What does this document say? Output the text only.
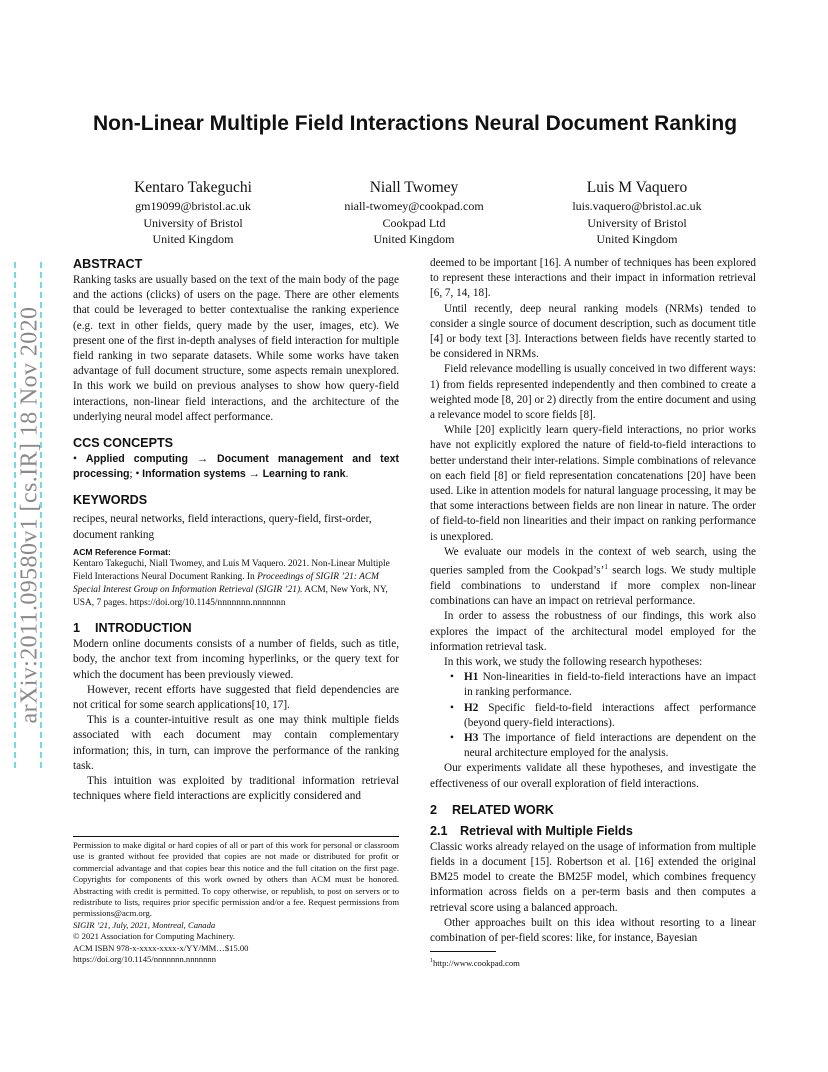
Non-Linear Multiple Field Interactions Neural Document Ranking
Kentaro Takeguchi
gm19099@bristol.ac.uk
University of Bristol
United Kingdom
Niall Twomey
niall-twomey@cookpad.com
Cookpad Ltd
United Kingdom
Luis M Vaquero
luis.vaquero@bristol.ac.uk
University of Bristol
United Kingdom
arXiv:2011.09580v1 [cs.IR] 18 Nov 2020
ABSTRACT

Ranking tasks are usually based on the text of the main body of the page and the actions (clicks) of users on the page. There are other elements that could be leveraged to better contextualise the ranking experience (e.g. text in other fields, query made by the user, images, etc). We present one of the first in-depth analyses of field interaction for multiple field ranking in two separate datasets. While some works have taken advantage of full document structure, some aspects remain unexplored. In this work we build on previous analyses to show how query-field interactions, non-linear field interactions, and the architecture of the underlying neural model affect performance.

CCS CONCEPTS

• Applied computing → Document management and text processing; • Information systems → Learning to rank.

KEYWORDS

recipes, neural networks, field interactions, query-field, first-order, document ranking

ACM Reference Format:
Kentaro Takeguchi, Niall Twomey, and Luis M Vaquero. 2021. Non-Linear Multiple Field Interactions Neural Document Ranking. In Proceedings of SIGIR ’21: ACM Special Interest Group on Information Retrieval (SIGIR ’21). ACM, New York, NY, USA, 7 pages. https://doi.org/10.1145/nnnnnnn.nnnnnnn
1 INTRODUCTION

Modern online documents consists of a number of fields, such as title, body, the anchor text from incoming hyperlinks, or the query text for which the document has been previously viewed.

However, recent efforts have suggested that field dependencies are not critical for some search applications[10, 17].

This is a counter-intuitive result as one may think multiple fields associated with each document may contain complementary information; this, in turn, can improve the performance of the ranking task.

This intuition was exploited by traditional information retrieval techniques where field interactions are explicitly considered and

Permission to make digital or hard copies of all or part of this work for personal or classroom use is granted without fee provided that copies are not made or distributed for profit or commercial advantage and that copies bear this notice and the full citation on the first page. Copyrights for components of this work owned by others than ACM must be honored. Abstracting with credit is permitted. To copy otherwise, or republish, to post on servers or to redistribute to lists, requires prior specific permission and/or a fee. Request permissions from permissions@acm.org.
SIGIR ’21, July, 2021, Montreal, Canada
© 2021 Association for Computing Machinery.
ACM ISBN 978-x-xxxx-xxxx-x/YY/MM…$15.00
https://doi.org/10.1145/nnnnnnn.nnnnnnn

deemed to be important [16]. A number of techniques has been explored to represent these interactions and their impact in information retrieval [6, 7, 14, 18].

Until recently, deep neural ranking models (NRMs) tended to consider a single source of document description, such as document title [4] or body text [3]. Interactions between fields have recently started to be considered in NRMs.

Field relevance modelling is usually conceived in two different ways: 1) from fields represented independently and then combined to create a weighted mode [8, 20] or 2) directly from the entire document and using a relevance model to score fields [8].

While [20] explicitly learn query-field interactions, no prior works have not explicitly explored the nature of field-to-field interactions to better understand their inter-relations. Simple combinations of relevance on each field [8] or field representation concatenations [20] have been used. Like in attention models for natural language processing, it may be that some interactions between fields are non linear in nature. The order of field-to-field non linearities and their impact on ranking performance is unexplored.

We evaluate our models in the context of web search, using the queries sampled from the Cookpad’s’$^1$ search logs. We study multiple field combinations to understand if more complex non-linear combinations can have an impact on retrieval performance.

In order to assess the robustness of our findings, this work also explores the impact of the architectural model employed for the information retrieval task.

In this work, we study the following research hypotheses:

• H1 Non-linearities in field-to-field interactions have an impact in ranking performance.
• H2 Specific field-to-field interactions affect performance (beyond query-field interactions).
• H3 The importance of field interactions are dependent on the neural architecture employed for the analysis.

Our experiments validate all these hypotheses, and investigate the effectiveness of our overall exploration of field interactions.

2 RELATED WORK
2.1 Retrieval with Multiple Fields

Classic works already relayed on the usage of information from multiple fields in a document [15]. Robertson et al. [16] extended the original BM25 model to create the BM25F model, which combines frequency information across fields on a per-term basis and then computes a retrieval score using a balanced approach.

Other approaches built on this idea without resorting to a linear combination of per-field scores: like, for instance, Bayesian

$^1$http://www.cookpad.com
